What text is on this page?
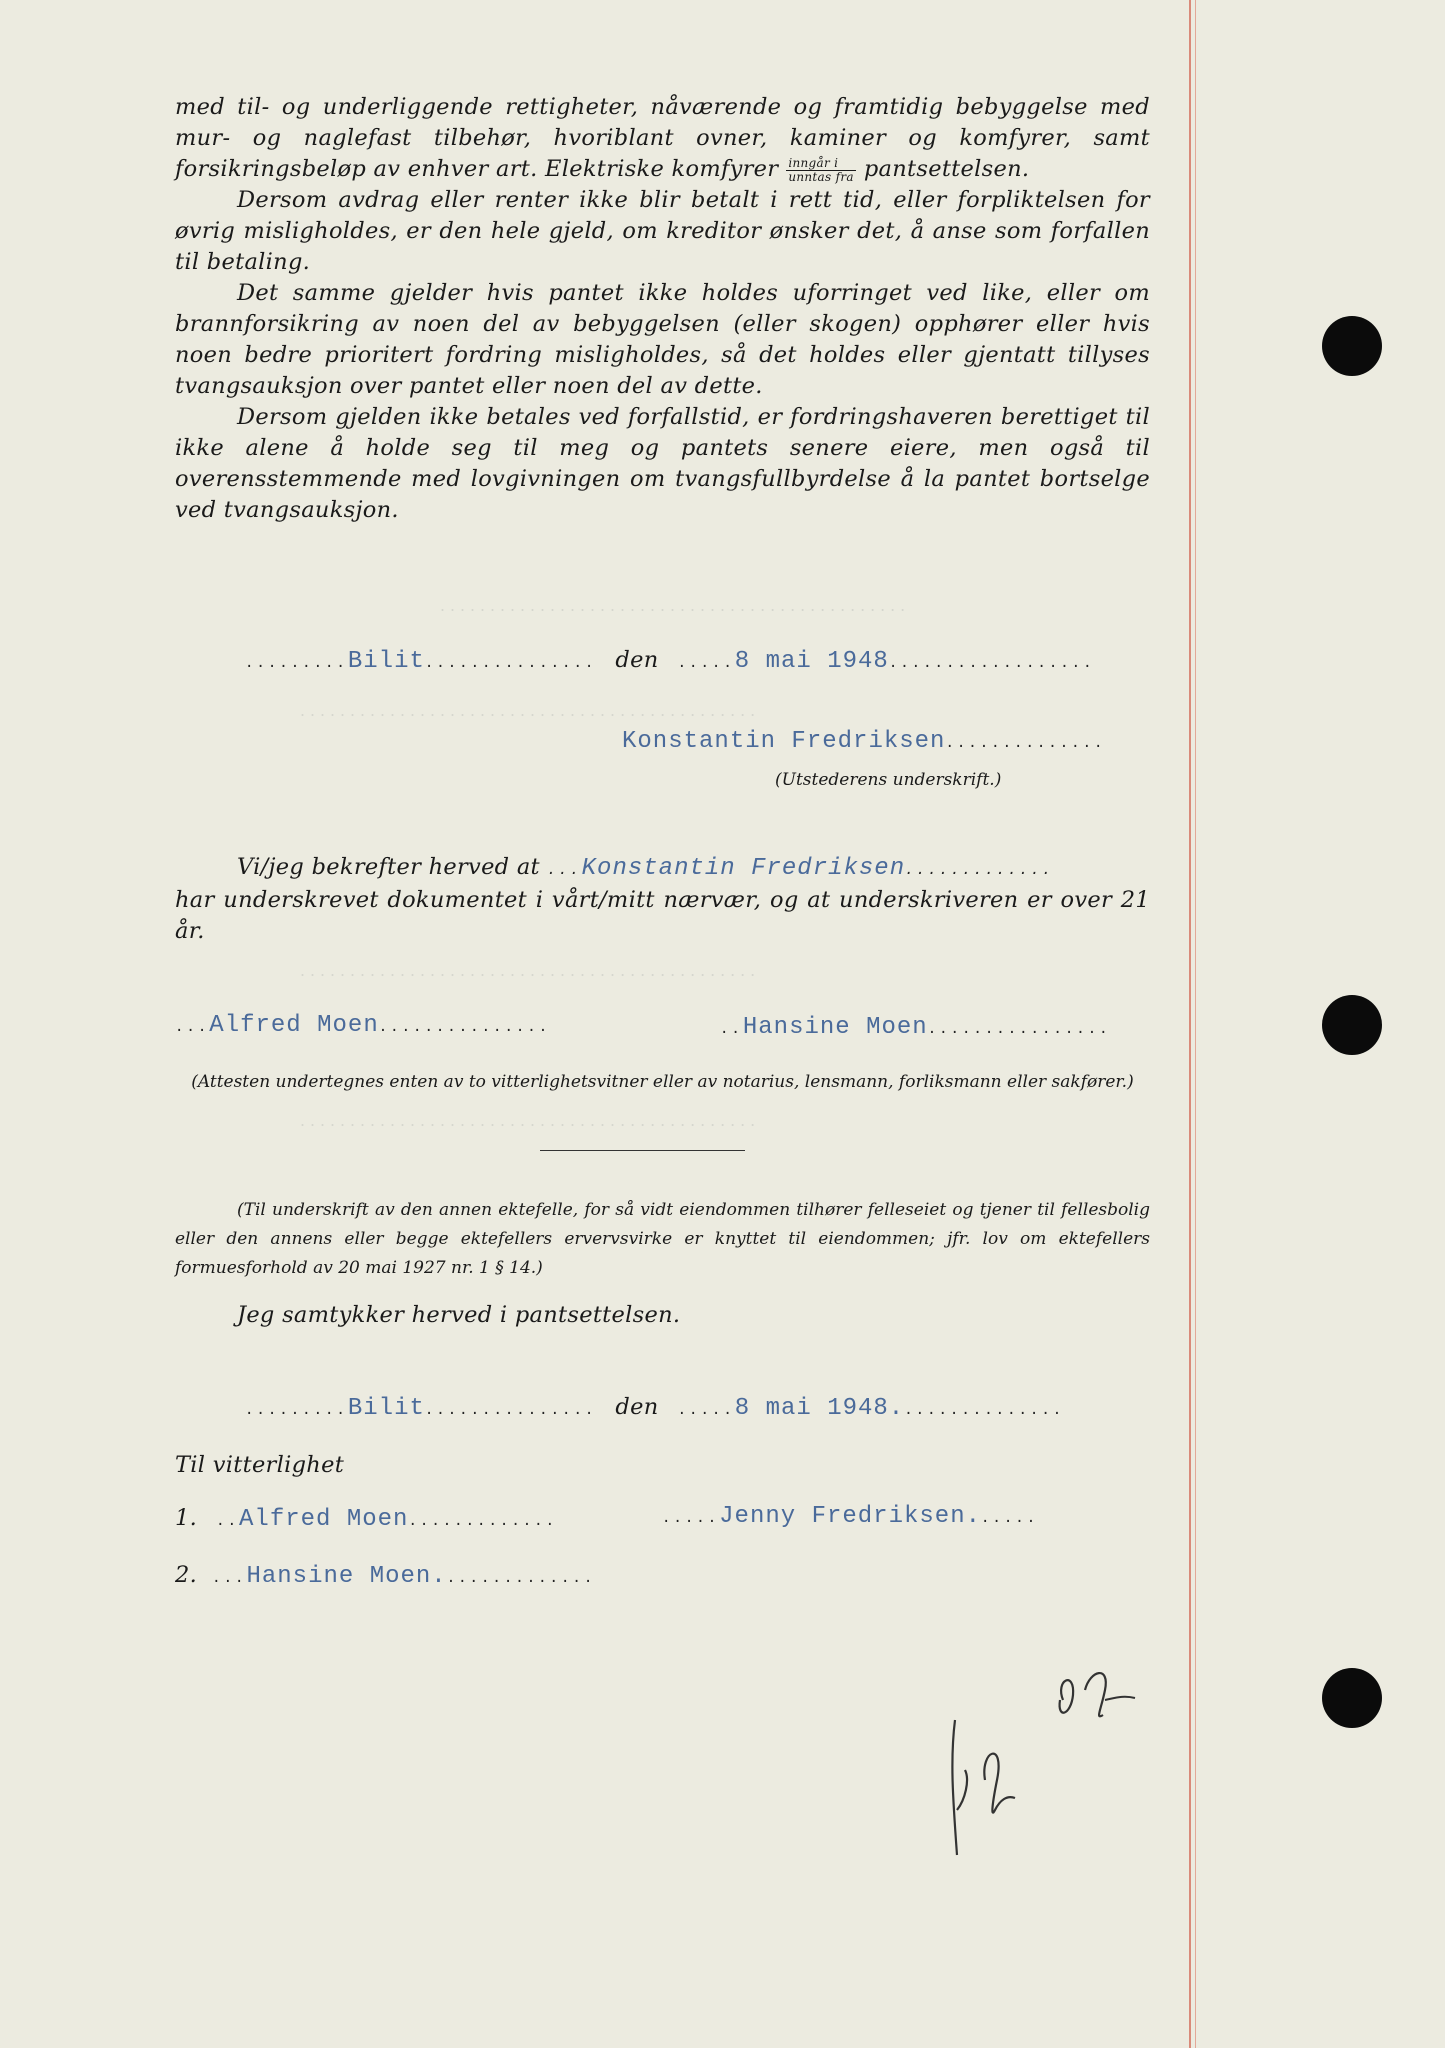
. . . . . . . . . . . . . . . . . . . . . . . . . . . . . . . . . . . . . . . . . . . . . . .
. . . . . . . . . . . . . . . . . . . . . . . . . . . . . . . . . . . . . . . . . . . . . .
. . . . . . . . . . . . . . . . . . . . . . . . . . . . . . . . . . . . . . . . . . . . . .
. . . . . . . . . . . . . . . . . . . . . . . . . . . . . . . . . . . . . . . . . . . . . .

med til- og underliggende rettigheter, nåværende og framtidig bebyggelse med mur- og naglefast tilbehør, hvoriblant ovner, kaminer og komfyrer, samt forsikringsbeløp av enhver art. Elektriske komfyrer $\frac{\text{inngår i}}{\text{unntas fra}}$ pantsettelsen.

Dersom avdrag eller renter ikke blir betalt i rett tid, eller forpliktelsen for øvrig misligholdes, er den hele gjeld, om kreditor ønsker det, å anse som forfallen til betaling.

Det samme gjelder hvis pantet ikke holdes uforringet ved like, eller om brannforsikring av noen del av bebyggelsen (eller skogen) opphører eller hvis noen bedre prioritert fordring misligholdes, så det holdes eller gjentatt tillyses tvangsauksjon over pantet eller noen del av dette.

Dersom gjelden ikke betales ved forfallstid, er fordringshaveren berettiget til ikke alene å holde seg til meg og pantets senere eiere, men også til overensstemmende med lovgivningen om tvangsfullbyrdelse å la pantet bortselge ved tvangsauksjon.

.........Bilit............... den .....8 mai 1948..................
Konstantin Fredriksen..............
(Utstederens underskrift.)
Vi/jeg bekrefter herved at ...Konstantin Fredriksen.............
har underskrevet dokumentet i vårt/mitt nærvær, og at underskriveren er over 21 år.
...Alfred Moen...............	..Hansine Moen................
(Attesten undertegnes enten av to vitterlighetsvitner eller av notarius, lensmann, forliksmann eller sakfører.)
(Til underskrift av den annen ektefelle, for så vidt eiendommen tilhører felleseiet og tjener til fellesbolig eller den annens eller begge ektefellers ervervsvirke er knyttet til eiendommen; jfr. lov om ektefellers formuesforhold av 20 mai 1927 nr. 1 § 14.)
Jeg samtykker herved i pantsettelsen.
.........Bilit............... den .....8 mai 1948...............
Til vitterlighet
1. ..Alfred Moen.............	.....Jenny Fredriksen......
2. ...Hansine Moen..............
